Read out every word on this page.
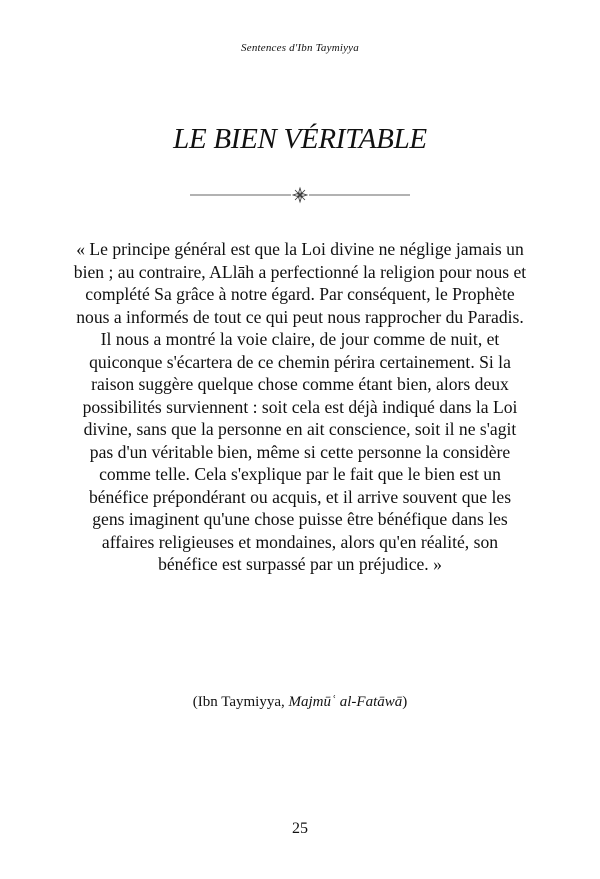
Sentences d'Ibn Taymiyya
LE BIEN VÉRITABLE

« Le principe général est que la Loi divine ne néglige jamais un bien ; au contraire, ALlāh a perfectionné la religion pour nous et complété Sa grâce à notre égard. Par conséquent, le Prophète nous a informés de tout ce qui peut nous rapprocher du Paradis. Il nous a montré la voie claire, de jour comme de nuit, et quiconque s'écartera de ce chemin périra certainement. Si la raison suggère quelque chose comme étant bien, alors deux possibilités surviennent : soit cela est déjà indiqué dans la Loi divine, sans que la personne en ait conscience, soit il ne s'agit pas d'un véritable bien, même si cette personne la considère comme telle. Cela s'explique par le fait que le bien est un bénéfice prépondérant ou acquis, et il arrive souvent que les gens imaginent qu'une chose puisse être bénéfique dans les affaires religieuses et mondaines, alors qu'en réalité, son bénéfice est surpassé par un préjudice. »

(Ibn Taymiyya, Majmūʿ al-Fatāwā)
25
